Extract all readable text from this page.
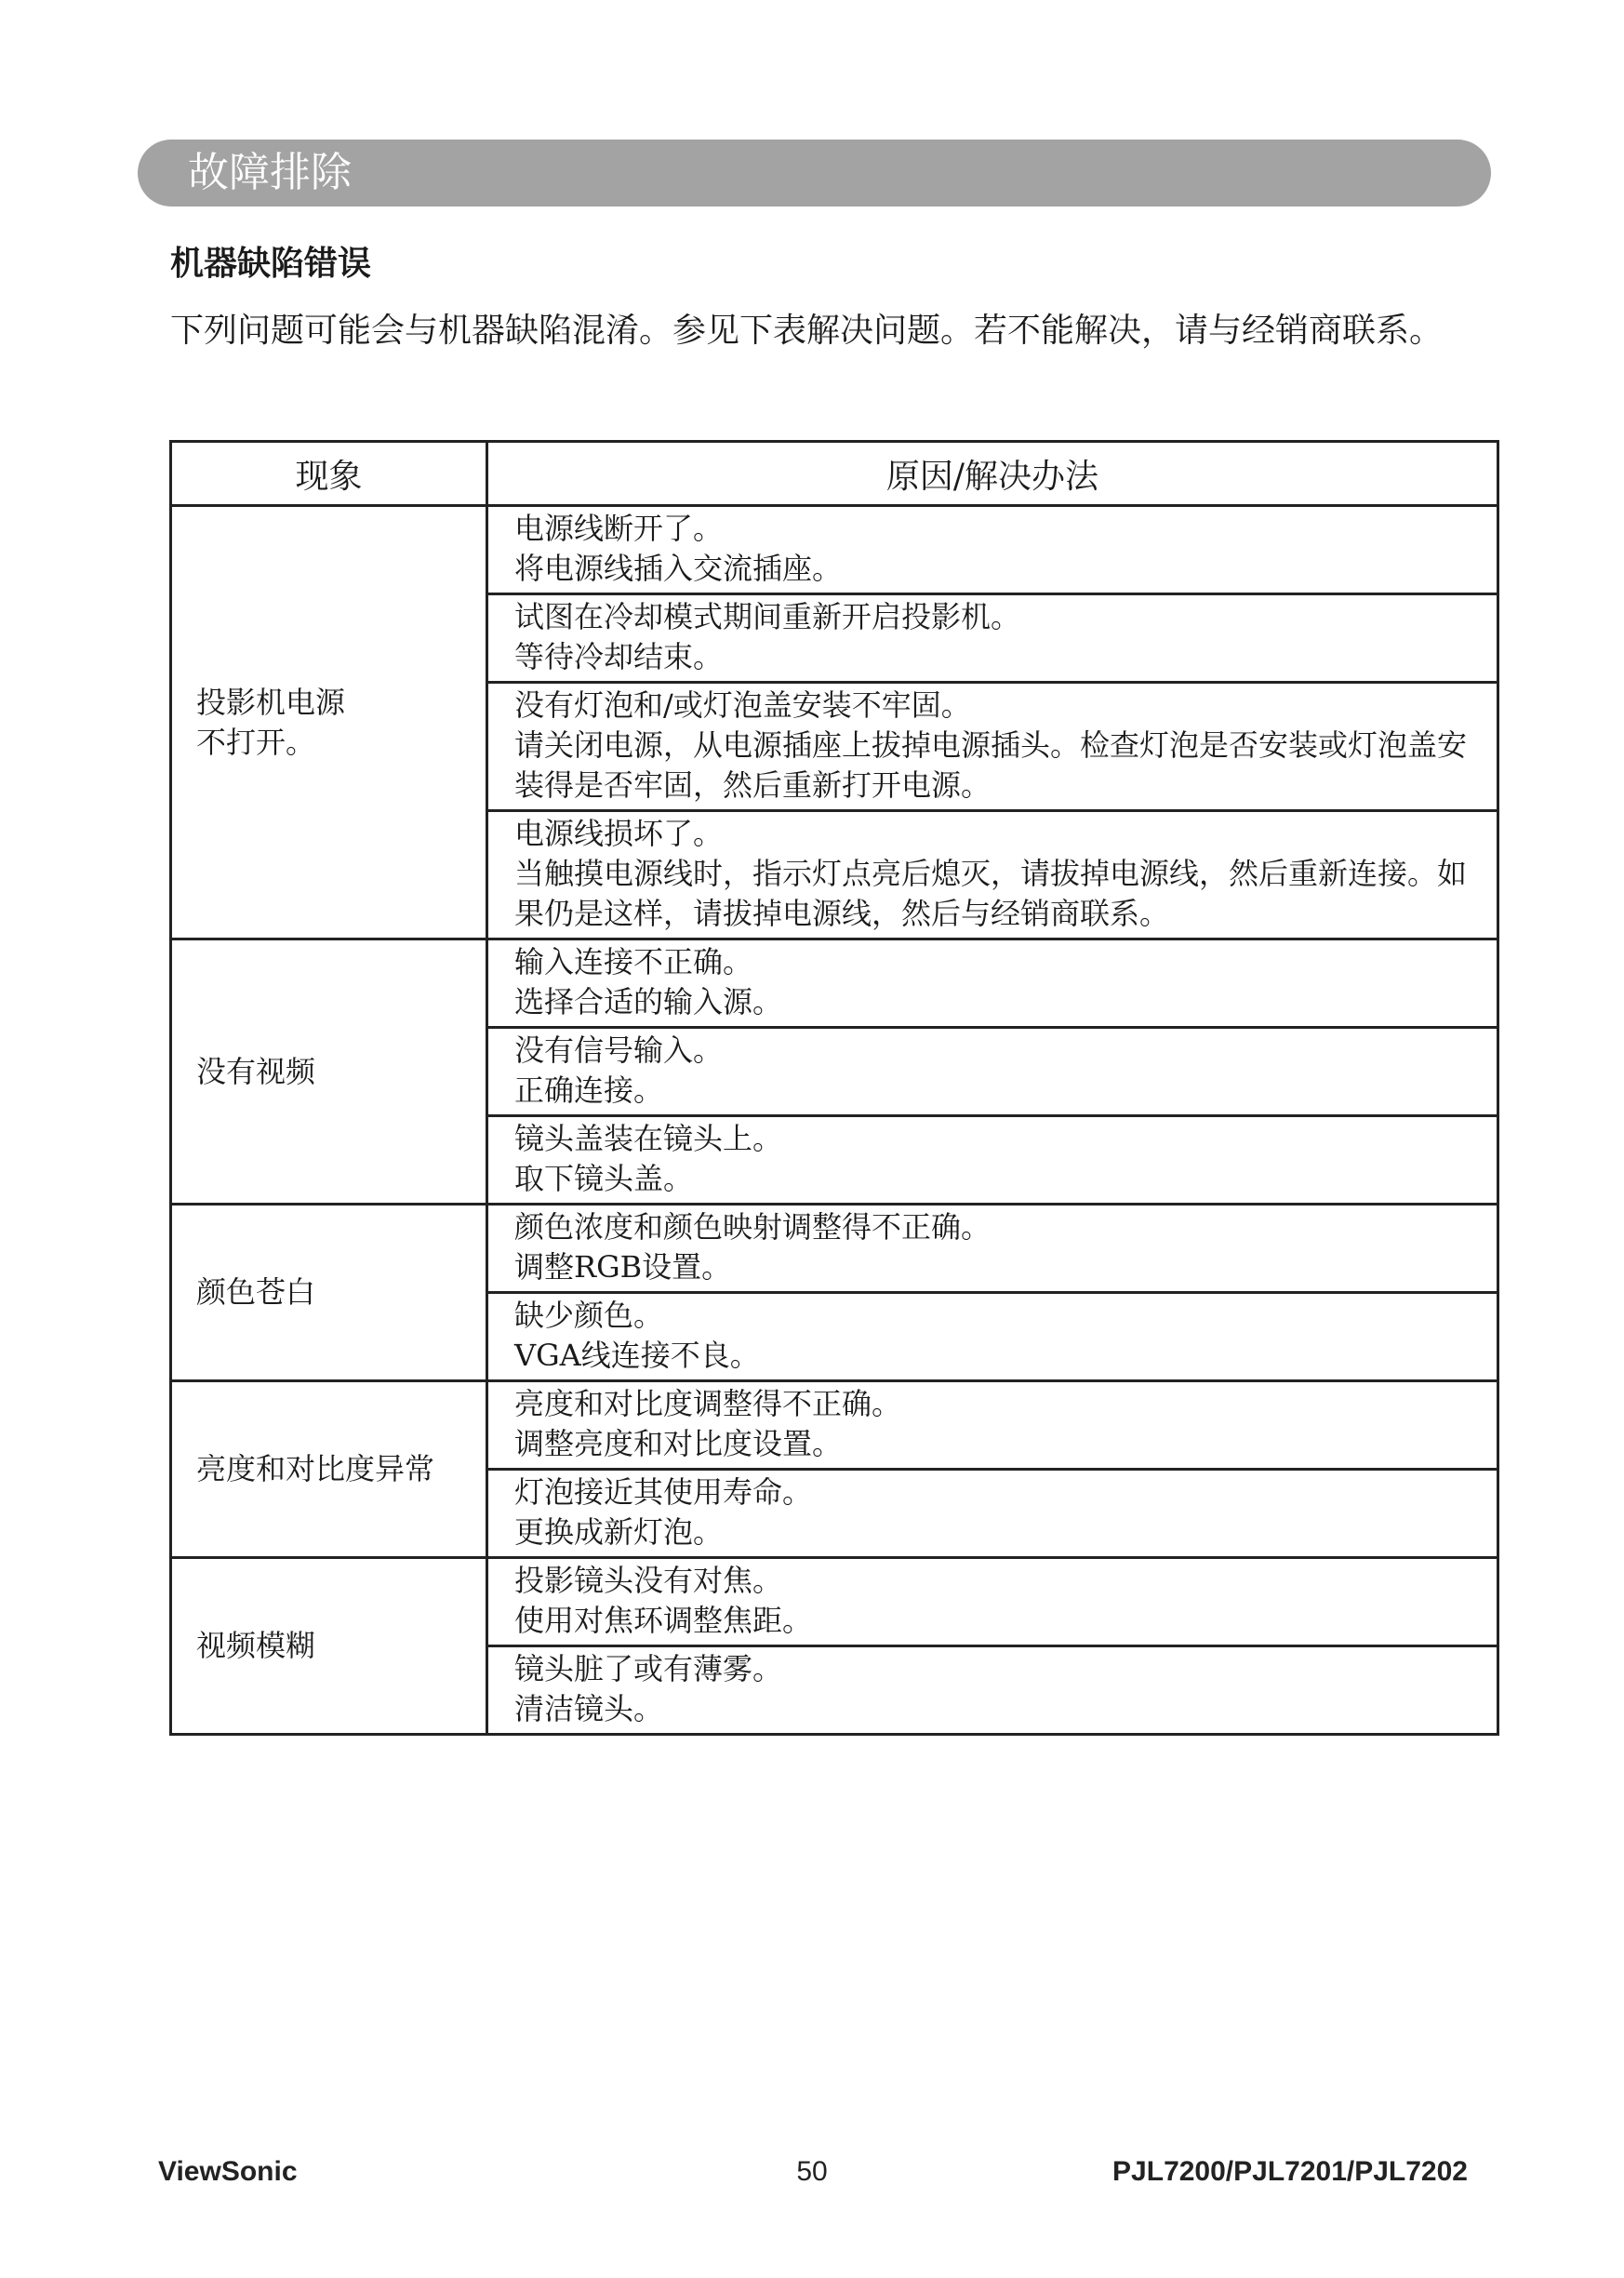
故障排除
机器缺陷错误
下列问题可能会与机器缺陷混淆。参见下表解决问题。若不能解决，请与经销商联系。
现象	原因/解决办法
投影机电源
不打开。	电源线断开了。
将电源线插入交流插座。

	试图在冷却模式期间重新开启投影机。
等待冷却结束。

	没有灯泡和/或灯泡盖安装不牢固。
请关闭电源，从电源插座上拔掉电源插头。检查灯泡是否安装或灯泡盖安装得是否牢固，然后重新打开电源。

	电源线损坏了。
当触摸电源线时，指示灯点亮后熄灭，请拔掉电源线，然后重新连接。如果仍是这样，请拔掉电源线，然后与经销商联系。

没有视频	输入连接不正确。
选择合适的输入源。

	没有信号输入。
正确连接。

	镜头盖装在镜头上。
取下镜头盖。

颜色苍白	颜色浓度和颜色映射调整得不正确。
调整RGB设置。

	缺少颜色。
VGA线连接不良。

亮度和对比度异常	亮度和对比度调整得不正确。
调整亮度和对比度设置。

	灯泡接近其使用寿命。
更换成新灯泡。

视频模糊	投影镜头没有对焦。
使用对焦环调整焦距。

	镜头脏了或有薄雾。
清洁镜头。
ViewSonic	50	PJL7200/PJL7201/PJL7202
